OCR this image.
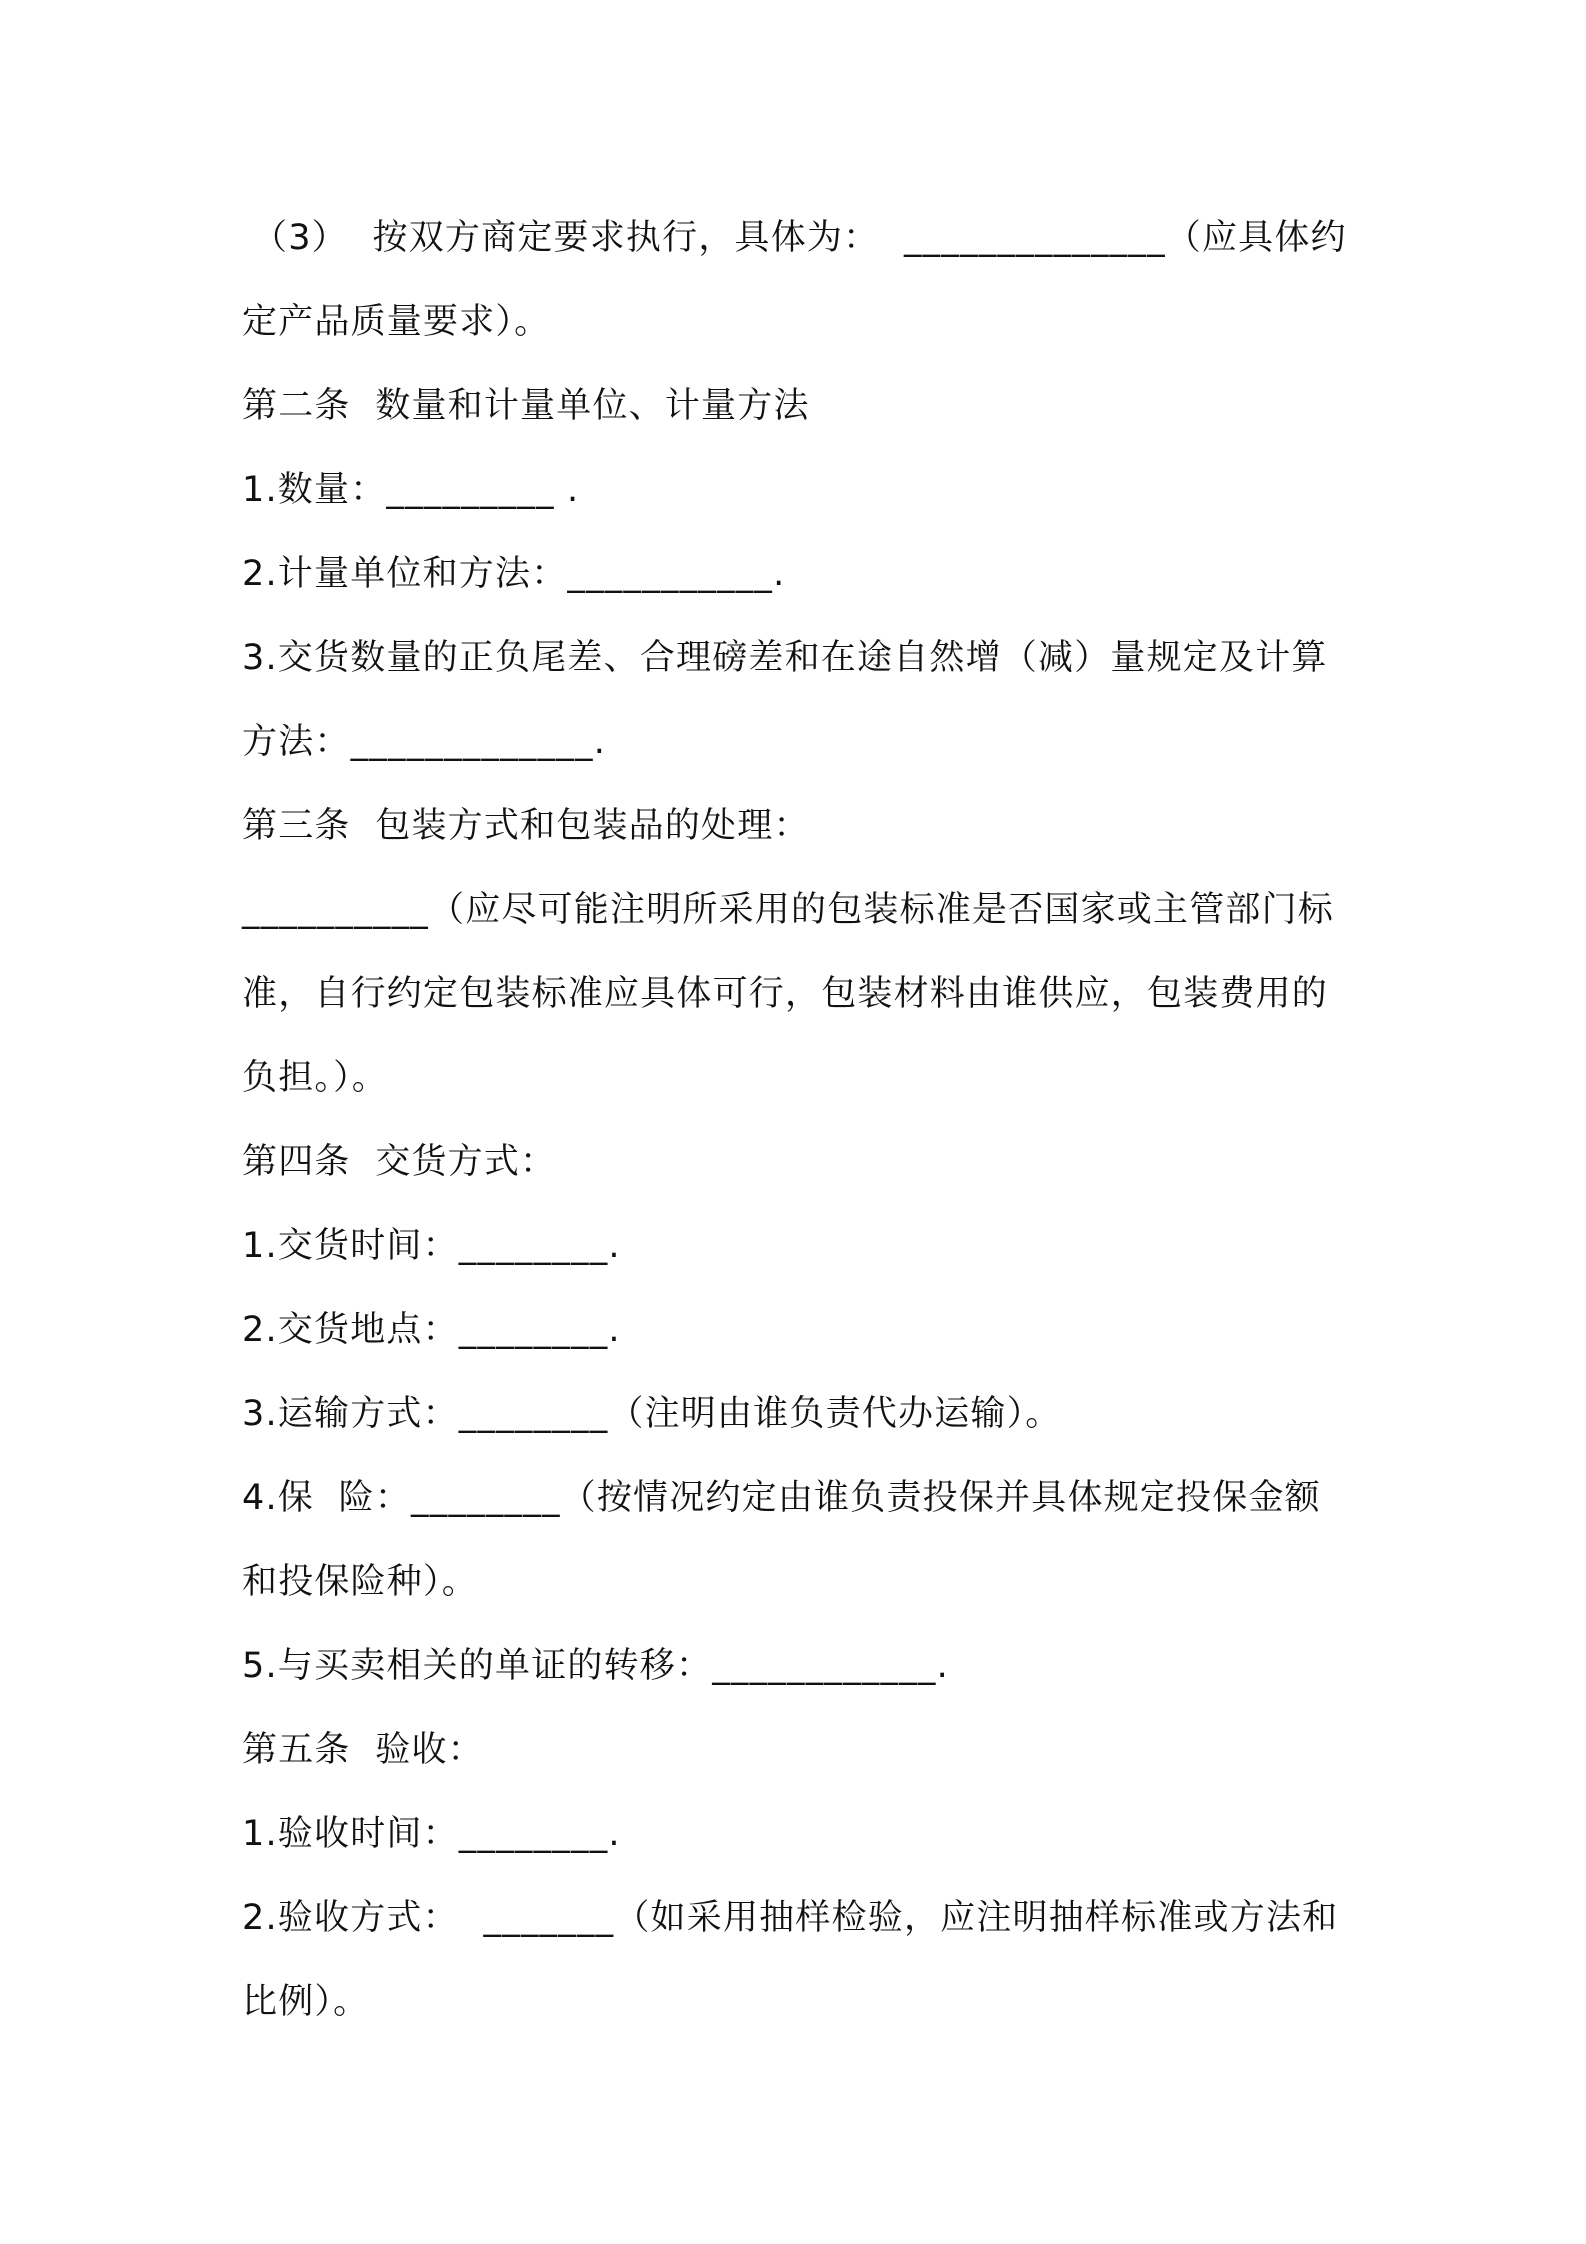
（3）  按双方商定要求执行，具体为：  ______________（应具体约
定产品质量要求）。
第二条  数量和计量单位、计量方法
1.数量：_________ .
2.计量单位和方法：___________.
3.交货数量的正负尾差、合理磅差和在途自然增（减）量规定及计算
方法：_____________.
第三条  包装方式和包装品的处理：
__________（应尽可能注明所采用的包装标准是否国家或主管部门标
准，自行约定包装标准应具体可行，包装材料由谁供应，包装费用的
负担。）。
第四条  交货方式：
1.交货时间：________.
2.交货地点：________.
3.运输方式：________（注明由谁负责代办运输）。
4.保  险：________（按情况约定由谁负责投保并具体规定投保金额
和投保险种）。
5.与买卖相关的单证的转移：____________.
第五条  验收：
1.验收时间：________.
2.验收方式：  _______（如采用抽样检验，应注明抽样标准或方法和
比例）。
